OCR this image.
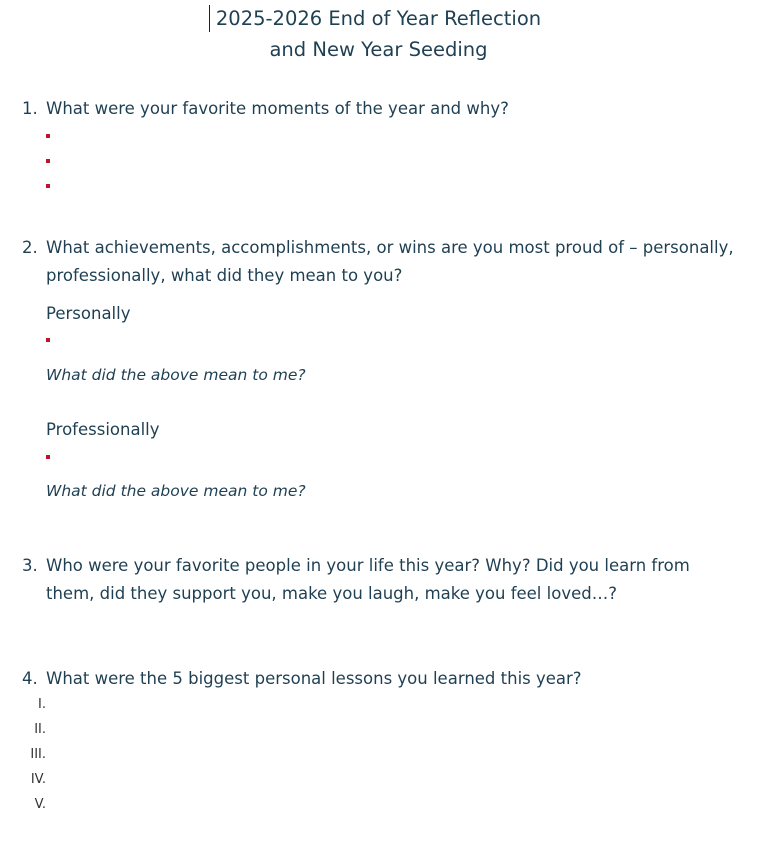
2025-2026 End of Year Reflection
and New Year Seeding
1. What were your favorite moments of the year and why?
2. What achievements, accomplishments, or wins are you most proud of – personally, professionally, what did they mean to you?
Personally
What did the above mean to me?
Professionally
What did the above mean to me?
3. Who were your favorite people in your life this year? Why? Did you learn from them, did they support you, make you laugh, make you feel loved…?
4. What were the 5 biggest personal lessons you learned this year?
I.
II.
III.
IV.
V.
